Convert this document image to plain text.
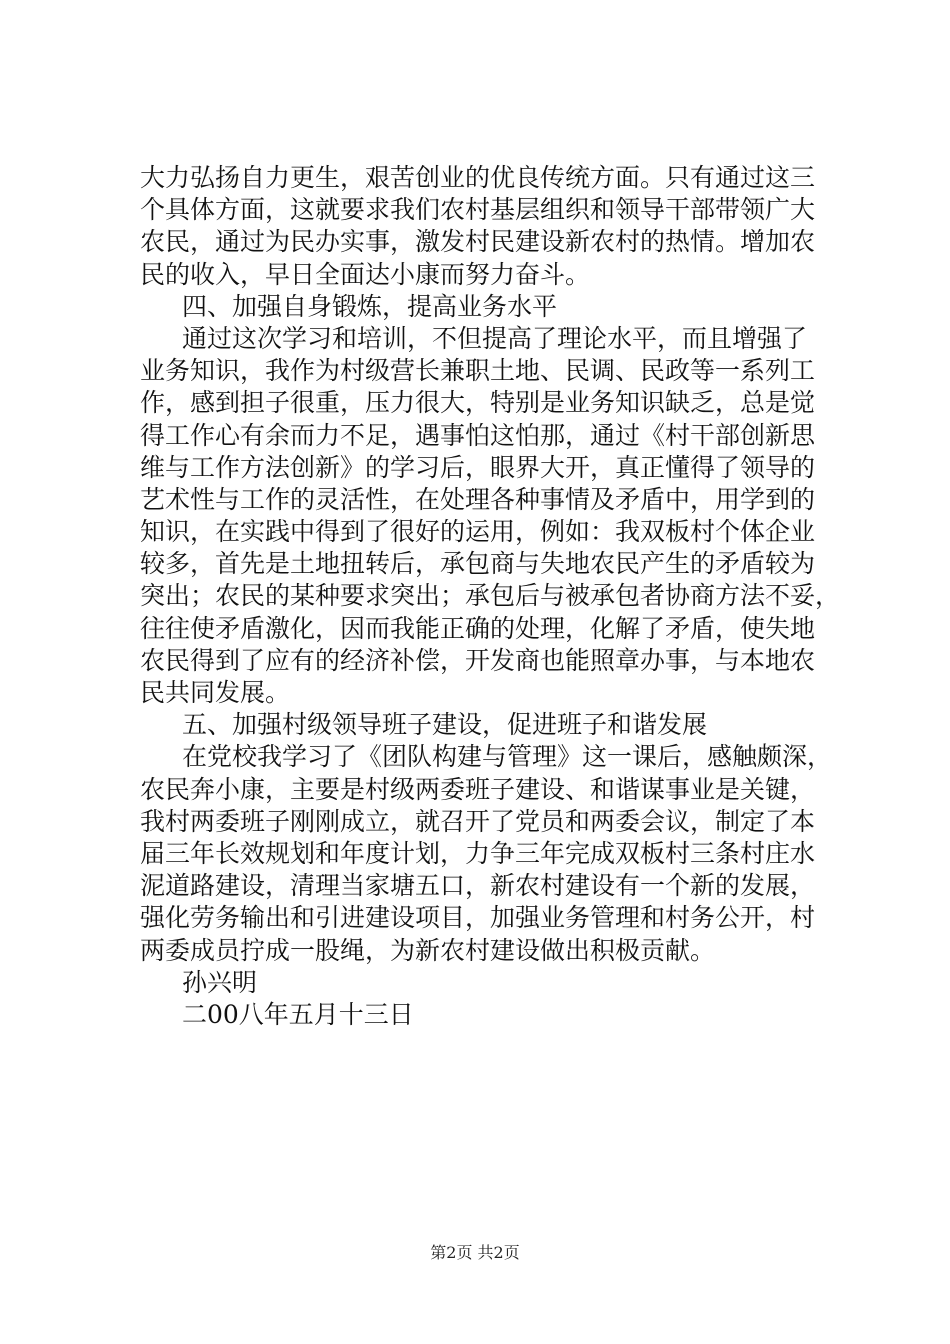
大力弘扬自力更生，艰苦创业的优良传统方面。只有通过这三
个具体方面，这就要求我们农村基层组织和领导干部带领广大
农民，通过为民办实事，激发村民建设新农村的热情。增加农
民的收入，早日全面达小康而努力奋斗。
四、加强自身锻炼，提高业务水平
通过这次学习和培训，不但提高了理论水平，而且增强了
业务知识，我作为村级营长兼职土地、民调、民政等一系列工
作，感到担子很重，压力很大，特别是业务知识缺乏，总是觉
得工作心有余而力不足，遇事怕这怕那，通过《村干部创新思
维与工作方法创新》的学习后，眼界大开，真正懂得了领导的
艺术性与工作的灵活性，在处理各种事情及矛盾中，用学到的
知识，在实践中得到了很好的运用，例如：我双板村个体企业
较多，首先是土地扭转后，承包商与失地农民产生的矛盾较为
突出；农民的某种要求突出；承包后与被承包者协商方法不妥，
往往使矛盾激化，因而我能正确的处理，化解了矛盾，使失地
农民得到了应有的经济补偿，开发商也能照章办事，与本地农
民共同发展。
五、加强村级领导班子建设，促进班子和谐发展
在党校我学习了《团队构建与管理》这一课后，感触颇深，
农民奔小康，主要是村级两委班子建设、和谐谋事业是关键，
我村两委班子刚刚成立，就召开了党员和两委会议，制定了本
届三年长效规划和年度计划，力争三年完成双板村三条村庄水
泥道路建设，清理当家塘五口，新农村建设有一个新的发展，
强化劳务输出和引进建设项目，加强业务管理和村务公开，村
两委成员拧成一股绳，为新农村建设做出积极贡献。
孙兴明
二00八年五月十三日
第2页 共2页
